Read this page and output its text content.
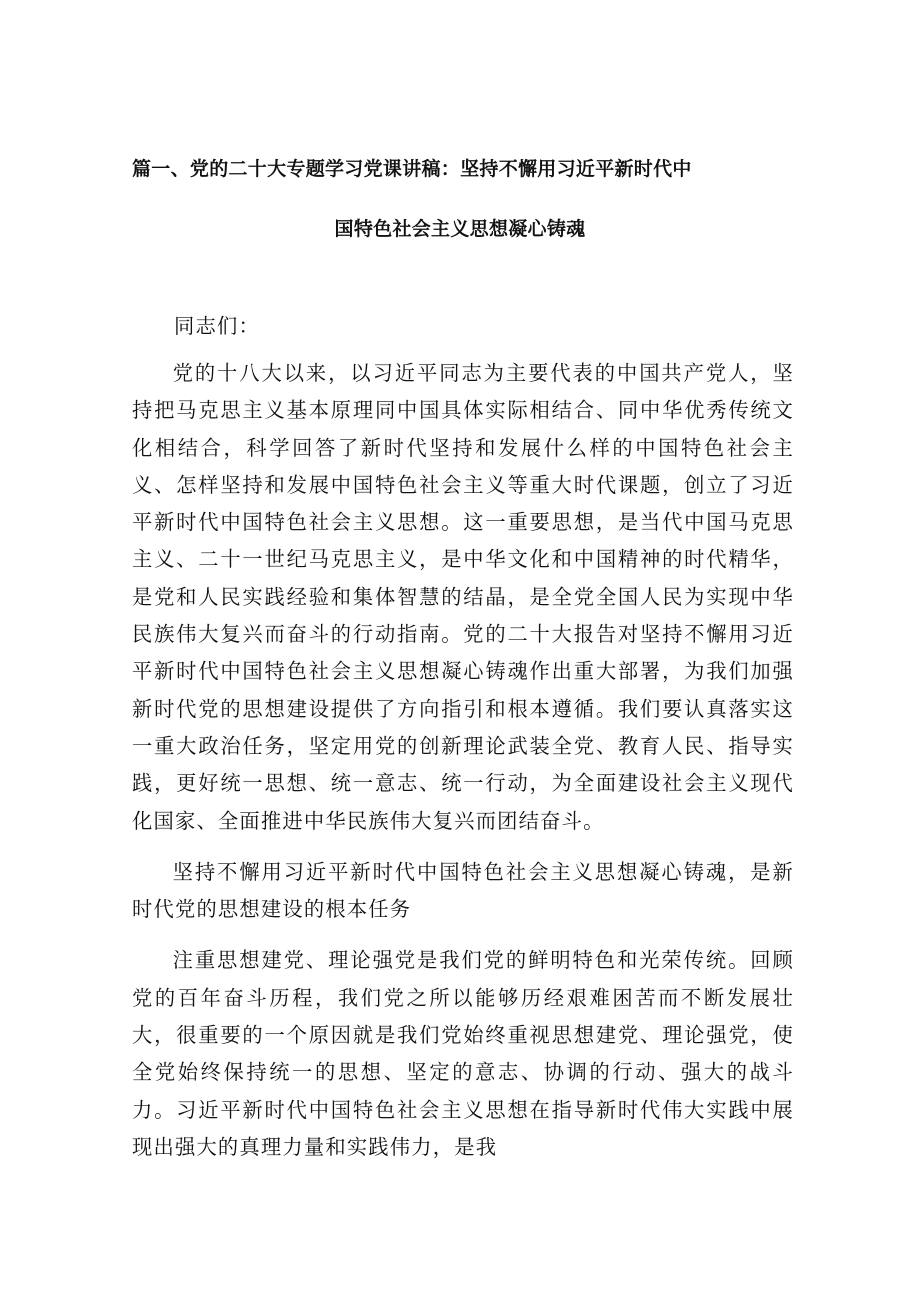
篇一、党的二十大专题学习党课讲稿：坚持不懈用习近平新时代中
国特色社会主义思想凝心铸魂
同志们：

党的十八大以来，以习近平同志为主要代表的中国共产党人，坚持把马克思主义基本原理同中国具体实际相结合、同中华优秀传统文化相结合，科学回答了新时代坚持和发展什么样的中国特色社会主义、怎样坚持和发展中国特色社会主义等重大时代课题，创立了习近平新时代中国特色社会主义思想。这一重要思想，是当代中国马克思主义、二十一世纪马克思主义，是中华文化和中国精神的时代精华，是党和人民实践经验和集体智慧的结晶，是全党全国人民为实现中华民族伟大复兴而奋斗的行动指南。党的二十大报告对坚持不懈用习近平新时代中国特色社会主义思想凝心铸魂作出重大部署，为我们加强新时代党的思想建设提供了方向指引和根本遵循。我们要认真落实这一重大政治任务，坚定用党的创新理论武装全党、教育人民、指导实践，更好统一思想、统一意志、统一行动，为全面建设社会主义现代化国家、全面推进中华民族伟大复兴而团结奋斗。

坚持不懈用习近平新时代中国特色社会主义思想凝心铸魂，是新时代党的思想建设的根本任务

注重思想建党、理论强党是我们党的鲜明特色和光荣传统。回顾党的百年奋斗历程，我们党之所以能够历经艰难困苦而不断发展壮大，很重要的一个原因就是我们党始终重视思想建党、理论强党，使全党始终保持统一的思想、坚定的意志、协调的行动、强大的战斗力。习近平新时代中国特色社会主义思想在指导新时代伟大实践中展现出强大的真理力量和实践伟力，是我
